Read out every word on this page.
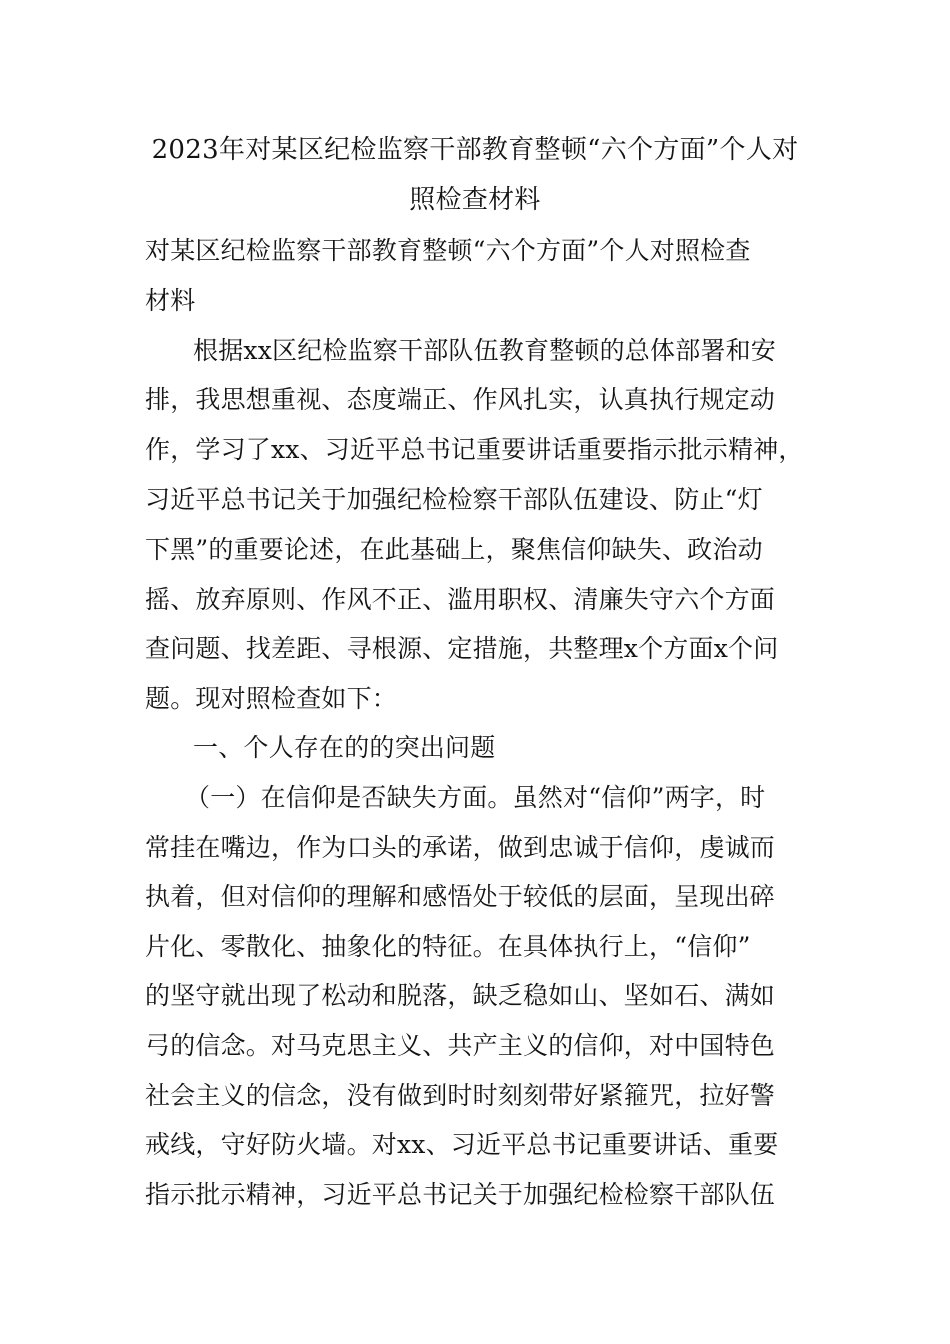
2023年对某区纪检监察干部教育整顿“六个方面”个人对
照检查材料
对某区纪检监察干部教育整顿“六个方面”个人对照检查
材料
根据xx区纪检监察干部队伍教育整顿的总体部署和安
排，我思想重视、态度端正、作风扎实，认真执行规定动
作，学习了xx、习近平总书记重要讲话重要指示批示精神，
习近平总书记关于加强纪检检察干部队伍建设、防止“灯
下黑”的重要论述，在此基础上，聚焦信仰缺失、政治动
摇、放弃原则、作风不正、滥用职权、清廉失守六个方面
查问题、找差距、寻根源、定措施，共整理x个方面x个问
题。现对照检查如下：
一、个人存在的的突出问题
（一）在信仰是否缺失方面。虽然对“信仰”两字，时
常挂在嘴边，作为口头的承诺，做到忠诚于信仰，虔诚而
执着，但对信仰的理解和感悟处于较低的层面，呈现出碎
片化、零散化、抽象化的特征。在具体执行上，“信仰”
的坚守就出现了松动和脱落，缺乏稳如山、坚如石、满如
弓的信念。对马克思主义、共产主义的信仰，对中国特色
社会主义的信念，没有做到时时刻刻带好紧箍咒，拉好警
戒线，守好防火墙。对xx、习近平总书记重要讲话、重要
指示批示精神，习近平总书记关于加强纪检检察干部队伍
